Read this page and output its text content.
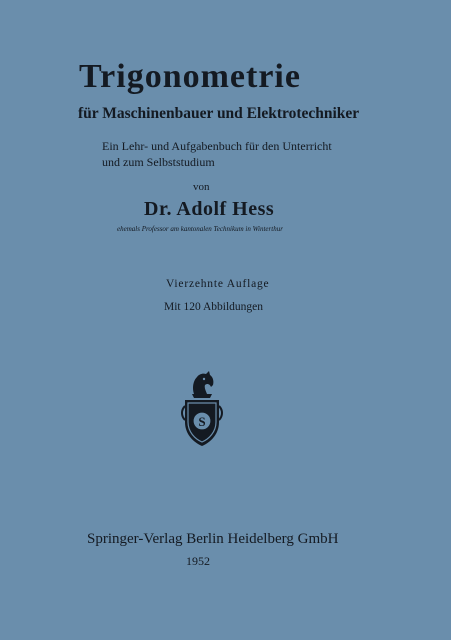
Trigonometrie
für Maschinenbauer und Elektrotechniker
Ein Lehr- und Aufgabenbuch für den Unterricht
und zum Selbststudium
von
Dr. Adolf Hess
ehemals Professor am kantonalen Technikum in Winterthur
Vierzehnte Auflage
Mit 120 Abbildungen
S
Springer-Verlag Berlin Heidelberg GmbH
1952
